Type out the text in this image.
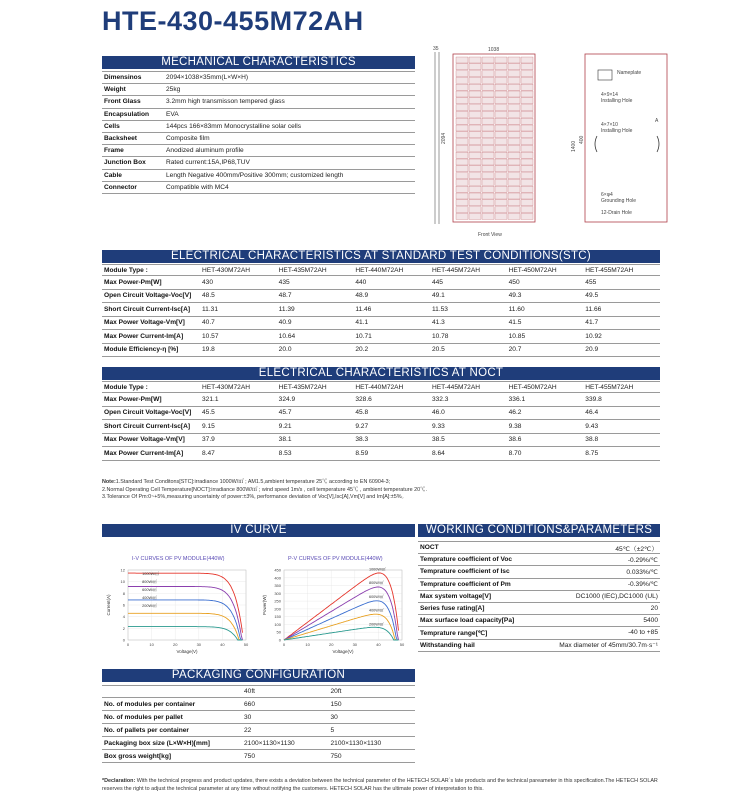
HTE-430-455M72AH
MECHANICAL CHARACTERISTICS
Dimensinos	2094×1038×35mm(L×W×H)
Weight	25kg
Front Glass	3.2mm high transmisson tempered glass
Encapsulation	EVA
Cells	144pcs 166×83mm Monocrystalline solar cells
Backsheet	Composite film
Frame	Anodized aluminum profile
Junction Box	Rated current:15A,IP68,TUV
Cable	Length Negative 400mm/Positive 300mm; customized length
Connector	Compatible with MC4
35	1038
2094
Front View
Nameplate
4×9×14
Installing Hole
4×7×10
Installing Hole
A
1400
400
6×φ4
Grounding Hole
12-Drain Hole
ELECTRICAL CHARACTERISTICS AT STANDARD TEST CONDITIONS(STC)
Module Type :	HET-430M72AH	HET-435M72AH	HET-440M72AH	HET-445M72AH	HET-450M72AH	HET-455M72AH
Max Power-Pm[W]	430	435	440	445	450	455
Open Circuit Voltage-Voc[V]	48.5	48.7	48.9	49.1	49.3	49.5
Short Circuit Current-Isc[A]	11.31	11.39	11.46	11.53	11.60	11.66
Max Power Voltage-Vm[V]	40.7	40.9	41.1	41.3	41.5	41.7
Max Power Current-Im[A]	10.57	10.64	10.71	10.78	10.85	10.92
Module Efficiency-η [%]	19.8	20.0	20.2	20.5	20.7	20.9
ELECTRICAL CHARACTERISTICS AT NOCT
Module Type :	HET-430M72AH	HET-435M72AH	HET-440M72AH	HET-445M72AH	HET-450M72AH	HET-455M72AH
Max Power-Pm[W]	321.1	324.9	328.6	332.3	336.1	339.8
Open Circuit Voltage-Voc[V]	45.5	45.7	45.8	46.0	46.2	46.4
Short Circuit Current-Isc[A]	9.15	9.21	9.27	9.33	9.38	9.43
Max Power Voltage-Vm[V]	37.9	38.1	38.3	38.5	38.6	38.8
Max Power Current-Im[A]	8.47	8.53	8.59	8.64	8.70	8.75
Note:1.Standard Test Conditons[STC]:irradiance 1000W/㎡ ; AM1.5,ambient temperature 25℃ according to EN 60904-3;
2.Normal Operating Cell Temperature[NOCT]:irradiance 800W/㎡ ; wind speed 1m/s , cell temperature 45℃ , ambient temperature 20℃.
3.Tolerance Of Pm:0~+5%,measuring uncertainty of power:±3%, performance deviation of Voc[V],Isc[A],Vm[V] and Im[A]:±5%。
IV CURVE
I-V CURVES OF PV MODULE(440W)
0
2
4
6
8
10
12
0	10	20	30	40	50
Current(A)
Voltage(V)
1000W/㎡
800W/㎡
600W/㎡
400W/㎡
200W/㎡
P-V CURVES OF PV MODULE(440W)
0
50
100
150
200
250
300
350
400
450
0	10	20	30	40	50
Power(W)
Voltage(V)
1000W/㎡
800W/㎡
600W/㎡
400W/㎡
200W/㎡
WORKING CONDITIONS&PARAMETERS
NOCT	45℃（±2℃）
Temprature coefficient of Voc	-0.29%/℃
Temprature coefficient of Isc	0.033%/℃
Temprature coefficient of Pm	-0.39%/℃
Max system voltage[V]	DC1000 (IEC),DC1000 (UL)
Series fuse rating[A]	20
Max surface load capacity[Pa]	5400
Temprature range[℃]	-40 to +85
Withstanding hail	Max diameter of 45mm/30.7m·s⁻¹
PACKAGING CONFIGURATION
	40ft	20ft
No. of modules per container	660	150
No. of modules per pallet	30	30
No. of pallets per container	22	5
Packaging box size (L×W×H)[mm]	2100×1130×1130	2100×1130×1130
Box gross weight[kg]	750	750
*Declaration: With the technical progress and product updates, there exists a deviation between the technical parameter of the HETECH SOLAR`s late products and the technical pareameter in this specification.The HETECH SOLAR reserves the right to adjust the technical parameter at any time without notifying the customers. HETECH SOLAR has the ultimate power of interpretation to this.
